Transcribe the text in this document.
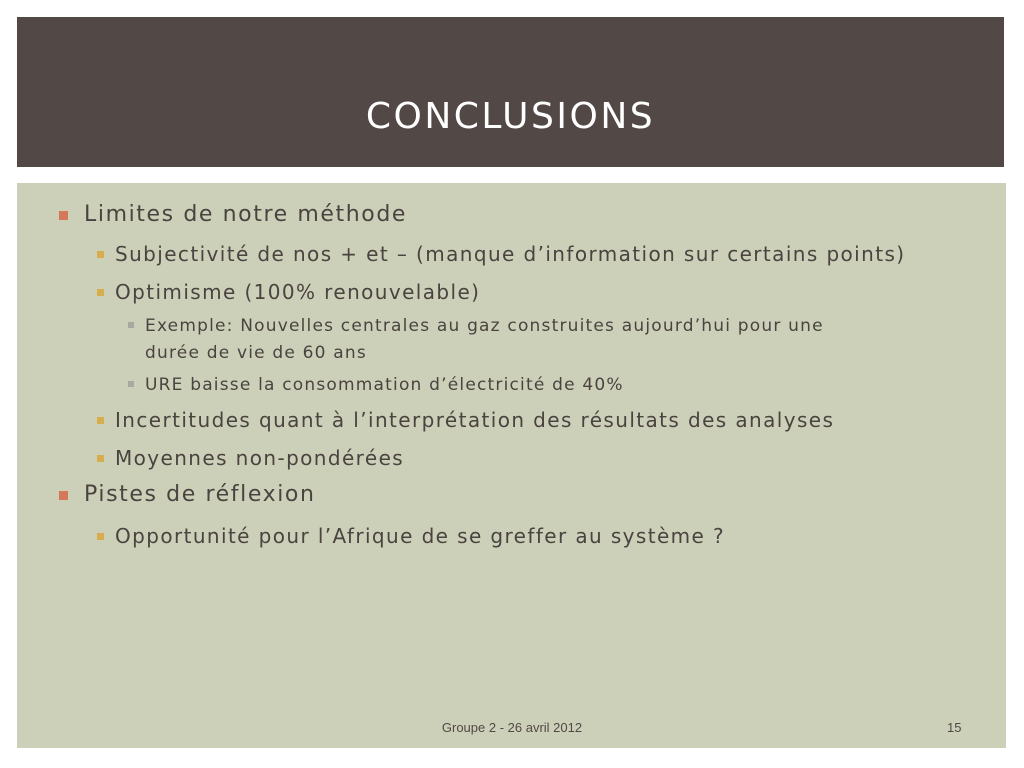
CONCLUSIONS
Limites de notre méthode
Subjectivité de nos + et – (manque d’information sur certains points)
Optimisme (100% renouvelable)
Exemple: Nouvelles centrales au gaz construites aujourd’hui pour une
durée de vie de 60 ans
URE baisse la consommation d’électricité de 40%
Incertitudes quant à l’interprétation des résultats des analyses
Moyennes non-pondérées
Pistes de réflexion
Opportunité pour l’Afrique de se greffer au système ?
Groupe 2 - 26 avril 2012	15
